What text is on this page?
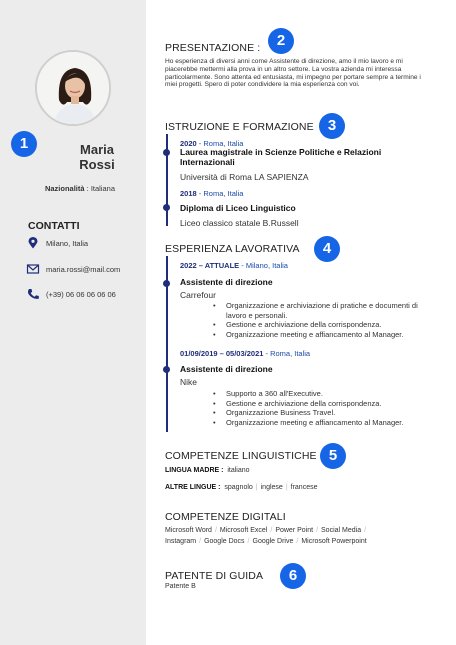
1
2
3
4
5
6
Maria
Rossi
Nazionalità : Italiana
CONTATTI
Milano, Italia
maria.rossi@mail.com
(+39) 06 06 06 06 06
PRESENTAZIONE :
Ho esperienza di diversi anni come Assistente di direzione, amo il mio lavoro e mi piacerebbe mettermi alla prova in un altro settore. La vostra azienda mi interessa particolarmente. Sono attenta ed entusiasta, mi impegno per portare sempre a termine i miei progetti. Spero di poter condividere la mia esperienza con voi.
ISTRUZIONE E FORMAZIONE
2020 - Roma, Italia
Laurea magistrale in Scienze Politiche e Relazioni Internazionali
Università di Roma LA SAPIENZA
2018 - Roma, Italia
Diploma di Liceo Linguistico
Liceo classico statale B.Russell
ESPERIENZA LAVORATIVA
2022 – ATTUALE - Milano, Italia
Assistente di direzione
Carrefour
• Organizzazione e archiviazione di pratiche e documenti di lavoro e personali.
• Gestione e archiviazione della corrispondenza.
• Organizzazione meeting e affiancamento al Manager.
01/09/2019 – 05/03/2021 - Roma, Italia
Assistente di direzione
Nike
• Supporto a 360 all'Executive.
• Gestione e archiviazione della corrispondenza.
• Organizzazione Business Travel.
• Organizzazione meeting e affiancamento al Manager.
COMPETENZE LINGUISTICHE
LINGUA MADRE : italiano
ALTRE LINGUE : spagnolo | inglese | francese
COMPETENZE DIGITALI
Microsoft Word / Microsoft Excel / Power Point / Social Media /
Instagram / Google Docs / Google Drive / Microsoft Powerpoint
PATENTE DI GUIDA
Patente B
